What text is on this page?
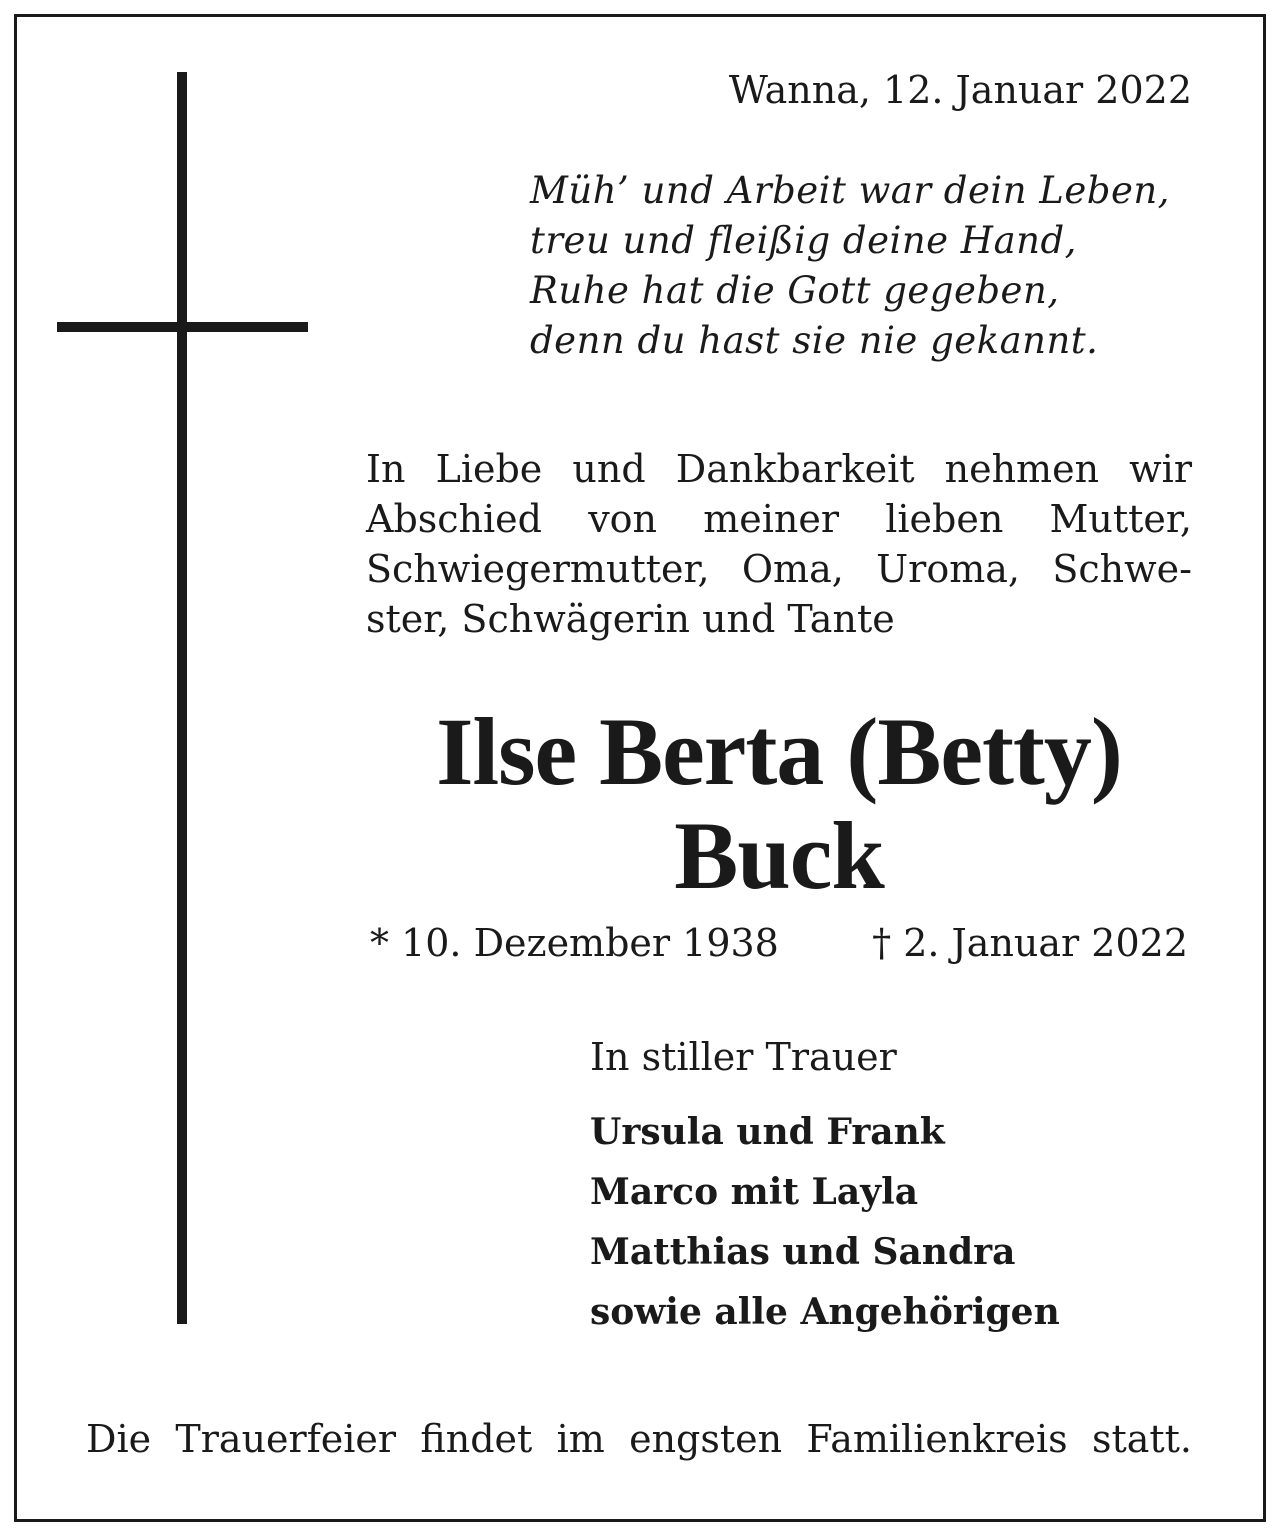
Wanna, 12. Januar 2022
Müh’ und Arbeit war dein Leben,
treu und fleißig deine Hand,
Ruhe hat die Gott gegeben,
denn du hast sie nie gekannt.
In Liebe und Dankbarkeit nehmen wir
Abschied von meiner lieben Mutter,
Schwiegermutter, Oma, Uroma, Schwe-
ster, Schwägerin und Tante
Ilse Berta (Betty)
Buck
* 10. Dezember 1938 † 2. Januar 2022
In stiller Trauer
Ursula und Frank
Marco mit Layla
Matthias und Sandra
sowie alle Angehörigen
Die Trauerfeier findet im engsten Familienkreis statt.
